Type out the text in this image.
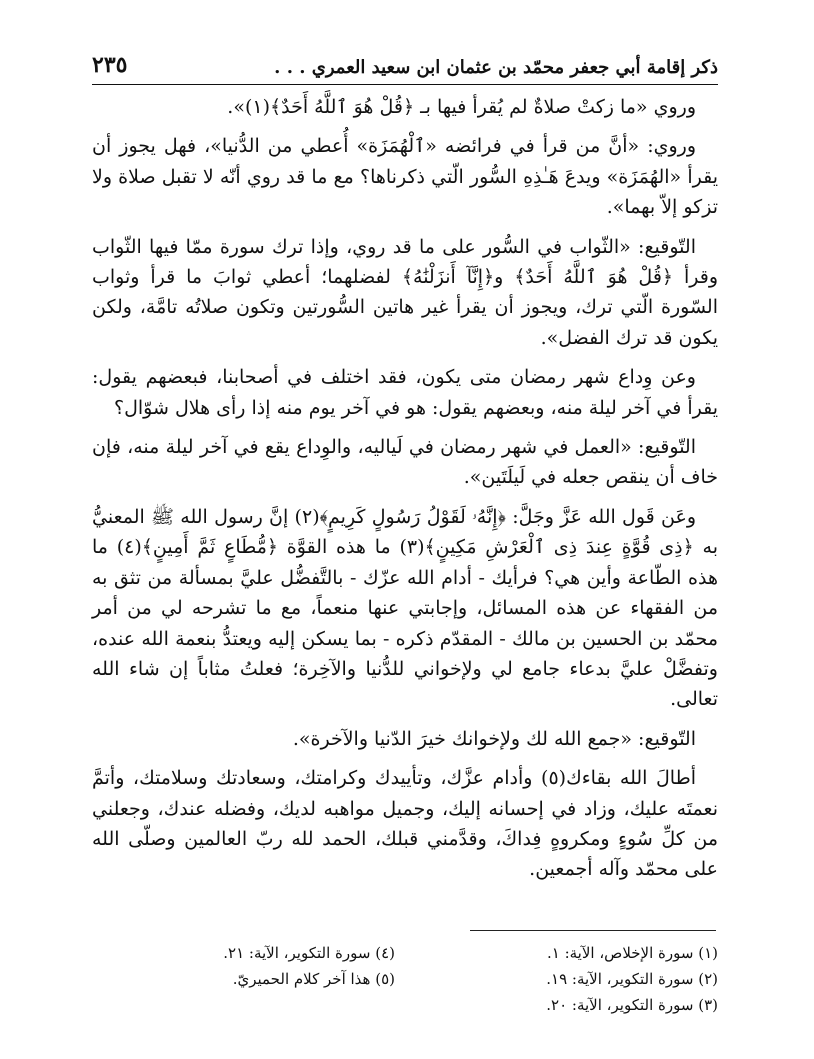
ذكر إقامة أبي جعفر محمّد بن عثمان ابن سعيد العمري . . .
٢٣٥

وروي «ما زكتْ صلاةٌ لم يُقرأ فيها بـ ﴿قُلْ هُوَ ٱللَّهُ أَحَدٌ﴾(١)».

وروي: «أنَّ من قرأ في فرائضه «ٱلْهُمَزَة» أُعطي من الدُّنيا»، فهل يجوز أن يقرأ «الهُمَزَة» ويدعَ هَـٰذِهِ السُّور الّتي ذكرناها؟ مع ما قد روي أنّه لا تقبل صلاة ولا تزكو إلاّ بهما».

التّوقيع: «الثّواب في السُّور على ما قد روي، وإذا ترك سورة ممّا فيها الثّواب وقرأ ﴿قُلْ هُوَ ٱللَّهُ أَحَدٌ﴾ و﴿إِنَّآ أَنزَلْنَٰهُ﴾ لفضلهما؛ أعطي ثوابَ ما قرأ وثواب السّورة الّتي ترك، ويجوز أن يقرأ غير هاتين السُّورتين وتكون صلاتُه تامَّة، ولكن يكون قد ترك الفضل».

وعن وِداع شهر رمضان متى يكون، فقد اختلف في أصحابنا، فبعضهم يقول: يقرأ في آخر ليلة منه، وبعضهم يقول: هو في آخر يوم منه إذا رأى هلال شوّال؟

التّوقيع: «العمل في شهر رمضان في لَياليه، والوِداع يقع في آخر ليلة منه، فإن خاف أن ينقص جعله في لَيلَتَين».

وعَن قَول الله عَزَّ وجَلَّ: ﴿إِنَّهُۥ لَقَوْلُ رَسُولٍ كَرِيمٍ﴾(٢) إنَّ رسول الله ﷺ المعنيُّ به ﴿ذِى قُوَّةٍ عِندَ ذِى ٱلْعَرْشِ مَكِينٍ﴾(٣) ما هذه القوَّة ﴿مُّطَاعٍ ثَمَّ أَمِينٍ﴾(٤) ما هذه الطّاعة وأين هي؟ فرأيك - أدام الله عزّك - بالتَّفضُّل عليَّ بمسألة من تثق به من الفقهاء عن هذه المسائل، وإجابتي عنها منعماً، مع ما تشرحه لي من أمر محمّد بن الحسين بن مالك - المقدّم ذكره - بما يسكن إليه ويعتدُّ بنعمة الله عنده، وتفضَّلْ عليَّ بدعاء جامع لي ولإخواني للدُّنيا والآخِرة؛ فعلتُ مثاباً إن شاء الله تعالى.

التّوقيع: «جمع الله لك ولإخوانك خيرَ الدّنيا والآخرة».

أطالَ الله بقاءك(٥) وأدام عزَّك، وتأييدك وكرامتك، وسعادتك وسلامتك، وأتمَّ نعمتَه عليك، وزاد في إحسانه إليك، وجميل مواهبه لديك، وفضله عندك، وجعلني من كلِّ سُوءٍ ومكروهٍ فِداكَ، وقدَّمني قبلك، الحمد لله ربّ العالمين وصلّى الله على محمّد وآله أجمعين.

(١) سورة الإخلاص، الآية: ١.
(٤) سورة التكوير، الآية: ٢١.
(٢) سورة التكوير، الآية: ١٩.
(٥) هذا آخر كلام الحميريّ.
(٣) سورة التكوير، الآية: ٢٠.
